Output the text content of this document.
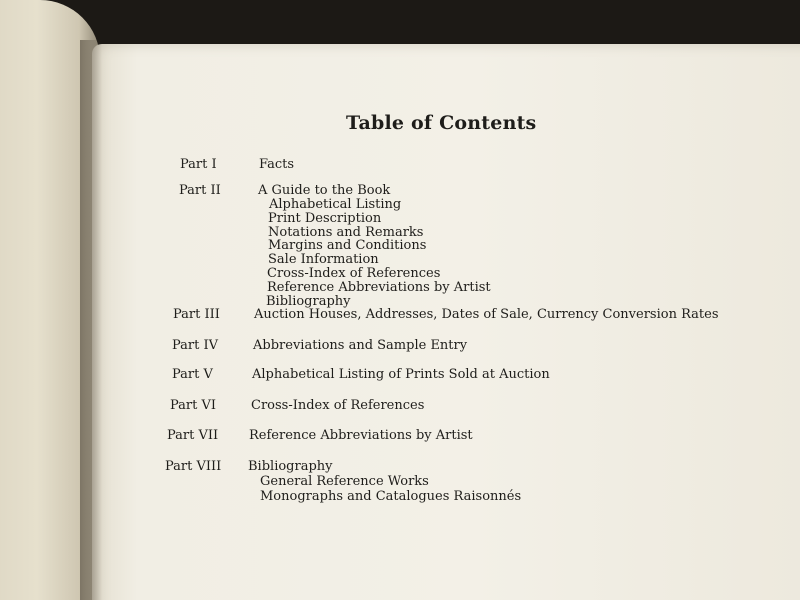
Table of Contents
Part I	Facts
Part II	A Guide to the Book
Alphabetical Listing
Print Description
Notations and Remarks
Margins and Conditions
Sale Information
Cross-Index of References
Reference Abbreviations by Artist
Bibliography
Part III	Auction Houses, Addresses, Dates of Sale, Currency Conversion Rates
Part IV	Abbreviations and Sample Entry
Part V	Alphabetical Listing of Prints Sold at Auction
Part VI	Cross-Index of References
Part VII Reference Abbreviations by Artist
Part VIII Bibliography
General Reference Works
Monographs and Catalogues Raisonnés
